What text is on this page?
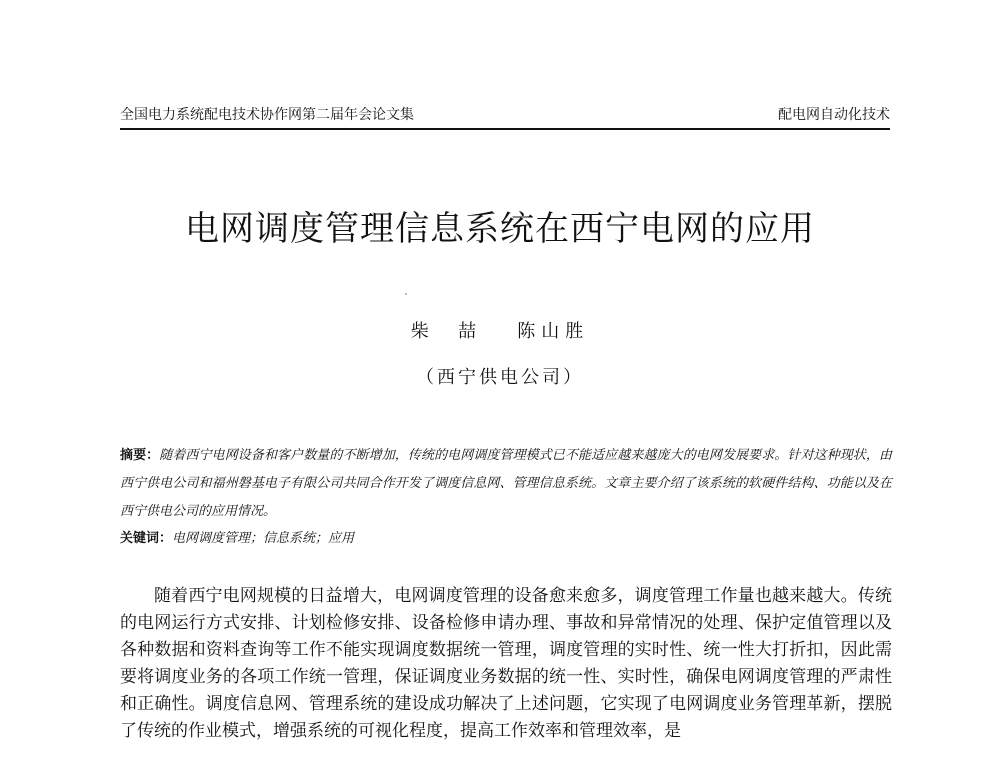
全国电力系统配电技术协作网第二届年会论文集	配电网自动化技术
电网调度管理信息系统在西宁电网的应用
柴  喆   陈山胜
（西宁供电公司）
摘要：随着西宁电网设备和客户数量的不断增加，传统的电网调度管理模式已不能适应越来越庞大的电网发展要求。针对这种现状，由西宁供电公司和福州磐基电子有限公司共同合作开发了调度信息网、管理信息系统。文章主要介绍了该系统的软硬件结构、功能以及在西宁供电公司的应用情况。
关键词：电网调度管理；信息系统；应用

随着西宁电网规模的日益增大，电网调度管理的设备愈来愈多，调度管理工作量也越来越大。传统的电网运行方式安排、计划检修安排、设备检修申请办理、事故和异常情况的处理、保护定值管理以及各种数据和资料查询等工作不能实现调度数据统一管理，调度管理的实时性、统一性大打折扣，因此需要将调度业务的各项工作统一管理，保证调度业务数据的统一性、实时性，确保电网调度管理的严肃性和正确性。调度信息网、管理系统的建设成功解决了上述问题，它实现了电网调度业务管理革新，摆脱了传统的作业模式，增强系统的可视化程度，提高工作效率和管理效率，是
